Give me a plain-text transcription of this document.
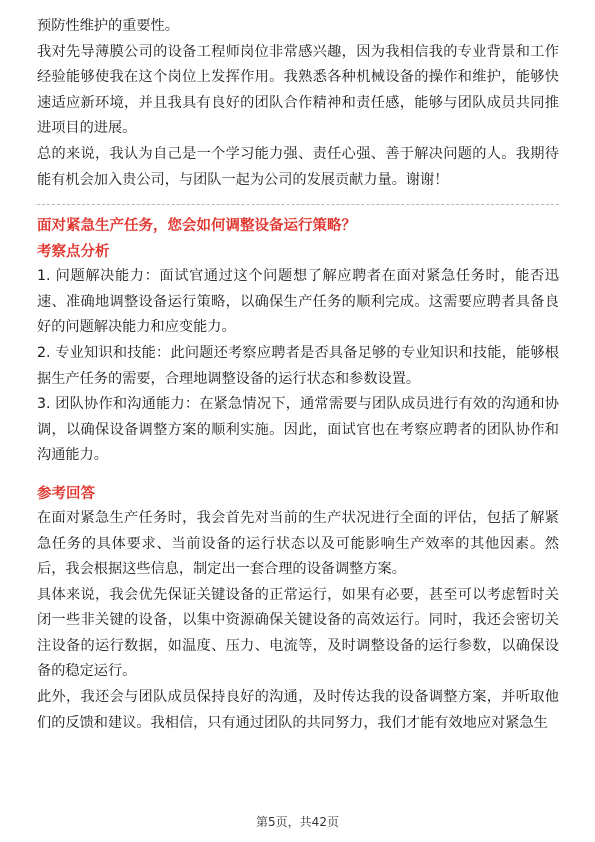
预防性维护的重要性。

我对先导薄膜公司的设备工程师岗位非常感兴趣，因为我相信我的专业背景和工作经验能够使我在这个岗位上发挥作用。我熟悉各种机械设备的操作和维护，能够快速适应新环境，并且我具有良好的团队合作精神和责任感，能够与团队成员共同推进项目的进展。

总的来说，我认为自己是一个学习能力强、责任心强、善于解决问题的人。我期待能有机会加入贵公司，与团队一起为公司的发展贡献力量。谢谢！

面对紧急生产任务，您会如何调整设备运行策略？

考察点分析

1. 问题解决能力：面试官通过这个问题想了解应聘者在面对紧急任务时，能否迅速、准确地调整设备运行策略，以确保生产任务的顺利完成。这需要应聘者具备良好的问题解决能力和应变能力。

2. 专业知识和技能：此问题还考察应聘者是否具备足够的专业知识和技能，能够根据生产任务的需要，合理地调整设备的运行状态和参数设置。

3. 团队协作和沟通能力：在紧急情况下，通常需要与团队成员进行有效的沟通和协调，以确保设备调整方案的顺利实施。因此，面试官也在考察应聘者的团队协作和沟通能力。

参考回答

在面对紧急生产任务时，我会首先对当前的生产状况进行全面的评估，包括了解紧急任务的具体要求、当前设备的运行状态以及可能影响生产效率的其他因素。然后，我会根据这些信息，制定出一套合理的设备调整方案。

具体来说，我会优先保证关键设备的正常运行，如果有必要，甚至可以考虑暂时关闭一些非关键的设备，以集中资源确保关键设备的高效运行。同时，我还会密切关注设备的运行数据，如温度、压力、电流等，及时调整设备的运行参数，以确保设备的稳定运行。

此外，我还会与团队成员保持良好的沟通，及时传达我的设备调整方案，并听取他们的反馈和建议。我相信，只有通过团队的共同努力，我们才能有效地应对紧急生

第5页，共42页
